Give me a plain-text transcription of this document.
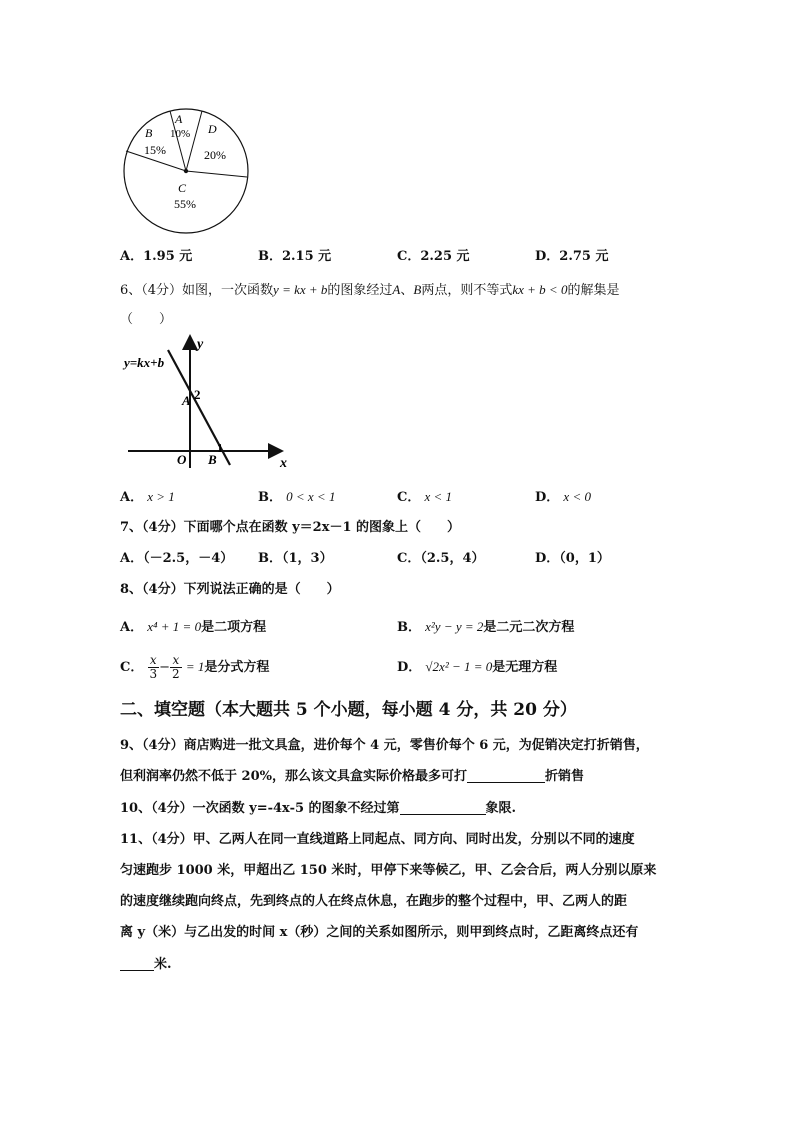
A
10%
B
15%
C
55%
D
20%
A．1.95 元	B．2.15 元	C．2.25 元	D．2.75 元
6、（4分）如图，一次函数y = kx + b的图象经过A、B两点，则不等式kx + b < 0的解集是
（　　）
y=kx+b
y
x
O
A 2
B
1
A． x > 1	B． 0 < x < 1	C． x < 1	D． x < 0
7、（4分）下面哪个点在函数 y＝2x－1 的图象上（　　）
A．（－2.5，－4） B．（1，3）	C．（2.5，4）	D．（0，1）
8、（4分）下列说法正确的是（　　）
A． x⁴ + 1 = 0是二项方程	B． x²y − y = 2是二元二次方程
C． $\frac{x}{3} - \frac{x}{2} = 1$是分式方程	D． √2x² − 1 = 0是无理方程
二、填空题（本大题共 5 个小题，每小题 4 分，共 20 分）
9、（4分）商店购进一批文具盒，进价每个 4 元，零售价每个 6 元，为促销决定打折销售，
但利润率仍然不低于 20%，那么该文具盒实际价格最多可打	折销售
10、（4分）一次函数 y=-4x-5 的图象不经过第	象限.
11、（4分）甲、乙两人在同一直线道路上同起点、同方向、同时出发，分别以不同的速度
匀速跑步 1000 米，甲超出乙 150 米时，甲停下来等候乙，甲、乙会合后，两人分别以原来
的速度继续跑向终点，先到终点的人在终点休息，在跑步的整个过程中，甲、乙两人的距
离 y（米）与乙出发的时间 x（秒）之间的关系如图所示，则甲到终点时，乙距离终点还有
米.
